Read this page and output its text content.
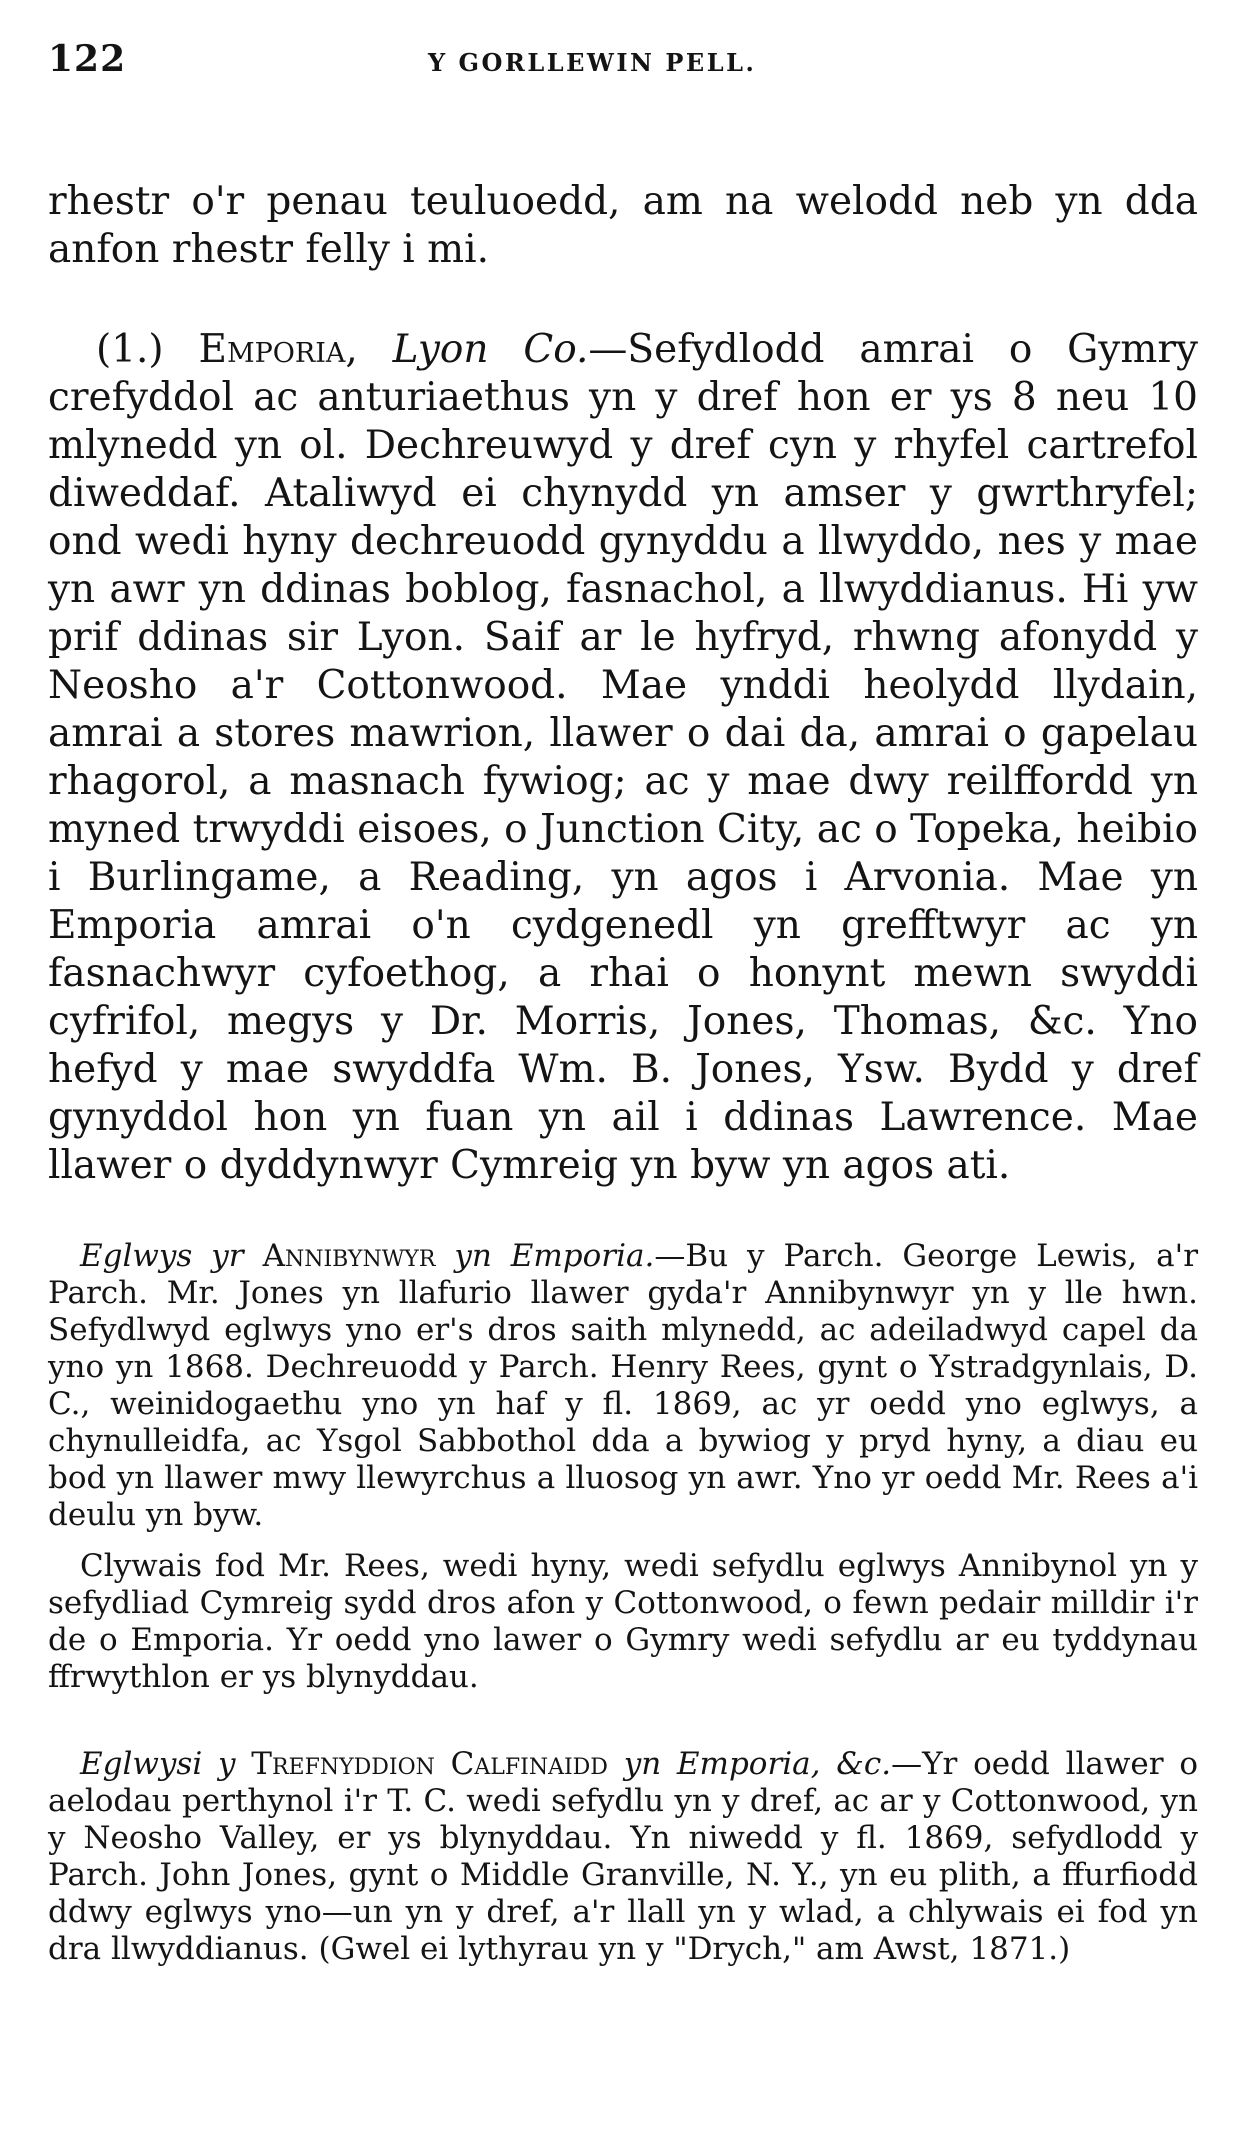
122	Y GORLLEWIN PELL.

rhestr o'r penau teuluoedd, am na welodd neb yn dda anfon rhestr felly i mi.

(1.) Emporia, Lyon Co.—Sefydlodd amrai o Gymry crefyddol ac anturiaethus yn y dref hon er ys 8 neu 10 mlynedd yn ol. Dechreuwyd y dref cyn y rhyfel cartrefol diweddaf. Ataliwyd ei chynydd yn amser y gwrthryfel; ond wedi hyny dechreuodd gynyddu a llwyddo, nes y mae yn awr yn ddinas boblog, fasnachol, a llwyddianus. Hi yw prif ddinas sir Lyon. Saif ar le hyfryd, rhwng afonydd y Neosho a'r Cottonwood. Mae ynddi heolydd llydain, amrai a stores mawrion, llawer o dai da, amrai o gapelau rhagorol, a masnach fywiog; ac y mae dwy reilffordd yn myned trwyddi eisoes, o Junction City, ac o Topeka, heibio i Burlingame, a Reading, yn agos i Arvonia. Mae yn Emporia amrai o'n cydgenedl yn grefftwyr ac yn fasnachwyr cyfoethog, a rhai o honynt mewn swyddi cyfrifol, megys y Dr. Morris, Jones, Thomas, &c. Yno hefyd y mae swyddfa Wm. B. Jones, Ysw. Bydd y dref gynyddol hon yn fuan yn ail i ddinas Lawrence. Mae llawer o dyddynwyr Cymreig yn byw yn agos ati.

Eglwys yr Annibynwyr yn Emporia.—Bu y Parch. George Lewis, a'r Parch. Mr. Jones yn llafurio llawer gyda'r Annibynwyr yn y lle hwn. Sefydlwyd eglwys yno er's dros saith mlynedd, ac adeiladwyd capel da yno yn 1868. Dechreuodd y Parch. Henry Rees, gynt o Ystradgynlais, D. C., weinidogaethu yno yn haf y fl. 1869, ac yr oedd yno eglwys, a chynulleidfa, ac Ysgol Sabbothol dda a bywiog y pryd hyny, a diau eu bod yn llawer mwy llewyrchus a lluosog yn awr. Yno yr oedd Mr. Rees a'i deulu yn byw.

Clywais fod Mr. Rees, wedi hyny, wedi sefydlu eglwys Annibynol yn y sefydliad Cymreig sydd dros afon y Cottonwood, o fewn pedair milldir i'r de o Emporia. Yr oedd yno lawer o Gymry wedi sefydlu ar eu tyddynau ffrwythlon er ys blynyddau.

Eglwysi y Trefnyddion Calfinaidd yn Emporia, &c.—Yr oedd llawer o aelodau perthynol i'r T. C. wedi sefydlu yn y dref, ac ar y Cottonwood, yn y Neosho Valley, er ys blynyddau. Yn niwedd y fl. 1869, sefydlodd y Parch. John Jones, gynt o Middle Granville, N. Y., yn eu plith, a ffurfiodd ddwy eglwys yno—un yn y dref, a'r llall yn y wlad, a chlywais ei fod yn dra llwyddianus. (Gwel ei lythyrau yn y "Drych," am Awst, 1871.)
